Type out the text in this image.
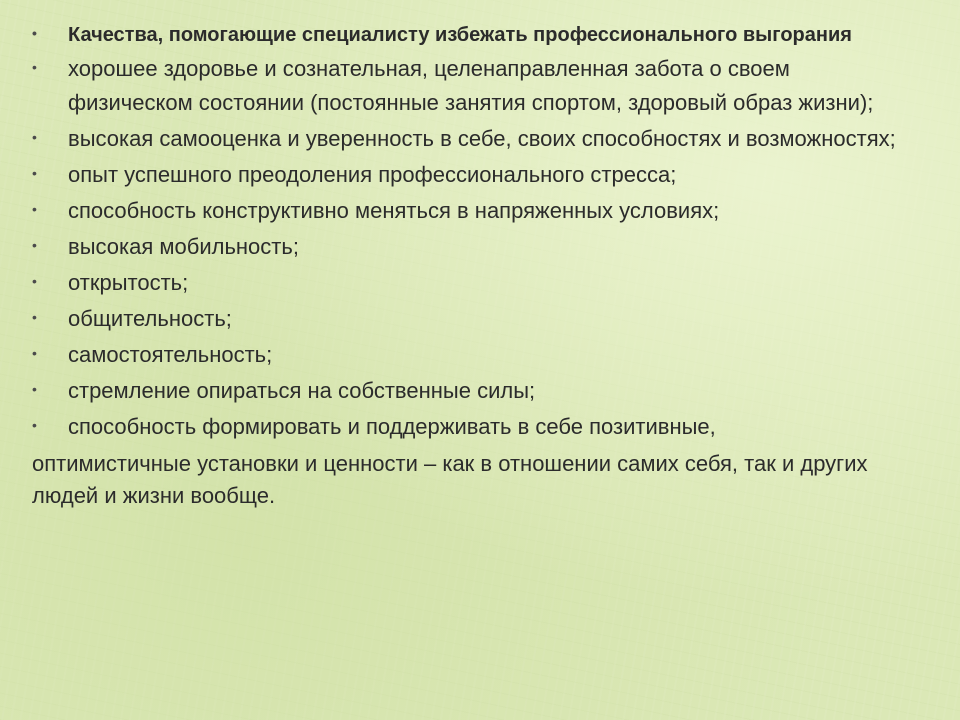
• Качества, помогающие специалисту избежать профессионального выгорания
• хорошее здоровье и сознательная, целенаправленная забота о своем
физическом состоянии (постоянные занятия спортом, здоровый образ жизни);
• высокая самооценка и уверенность в себе, своих способностях и возможностях;
• опыт успешного преодоления профессионального стресса;
• способность конструктивно меняться в напряженных условиях;
• высокая мобильность;
• открытость;
• общительность;
• самостоятельность;
• стремление опираться на собственные силы;
• способность формировать и поддерживать в себе позитивные,
оптимистичные установки и ценности – как в отношении самих себя, так и других людей и жизни вообще.
